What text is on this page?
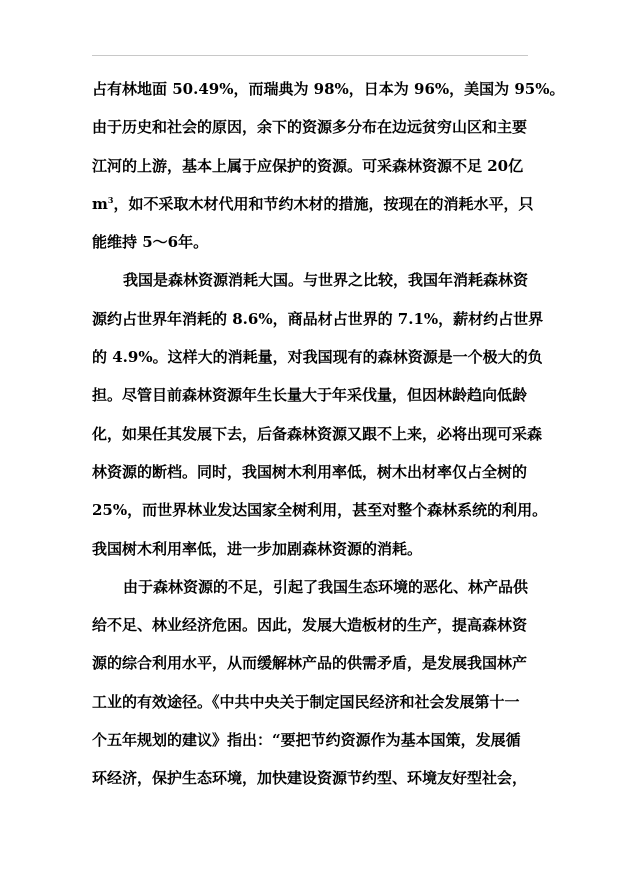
占有林地面 50.49%，而瑞典为 98%，日本为 96%，美国为 95%。
由于历史和社会的原因，余下的资源多分布在边远贫穷山区和主要
江河的上游，基本上属于应保护的资源。可采森林资源不足 20亿
$m^3$，如不采取木材代用和节约木材的措施，按现在的消耗水平，只
能维持 5～6年。
我国是森林资源消耗大国。与世界之比较，我国年消耗森林资
源约占世界年消耗的 8.6%，商品材占世界的 7.1%，薪材约占世界
的 4.9%。这样大的消耗量，对我国现有的森林资源是一个极大的负
担。尽管目前森林资源年生长量大于年采伐量，但因林龄趋向低龄
化，如果任其发展下去，后备森林资源又跟不上来，必将出现可采森
林资源的断档。同时，我国树木利用率低，树木出材率仅占全树的
25%，而世界林业发达国家全树利用，甚至对整个森林系统的利用。
我国树木利用率低，进一步加剧森林资源的消耗。
由于森林资源的不足，引起了我国生态环境的恶化、林产品供
给不足、林业经济危困。因此，发展大造板材的生产，提高森林资
源的综合利用水平，从而缓解林产品的供需矛盾，是发展我国林产
工业的有效途径。《中共中央关于制定国民经济和社会发展第十一
个五年规划的建议》指出：“要把节约资源作为基本国策，发展循
环经济，保护生态环境，加快建设资源节约型、环境友好型社会，
